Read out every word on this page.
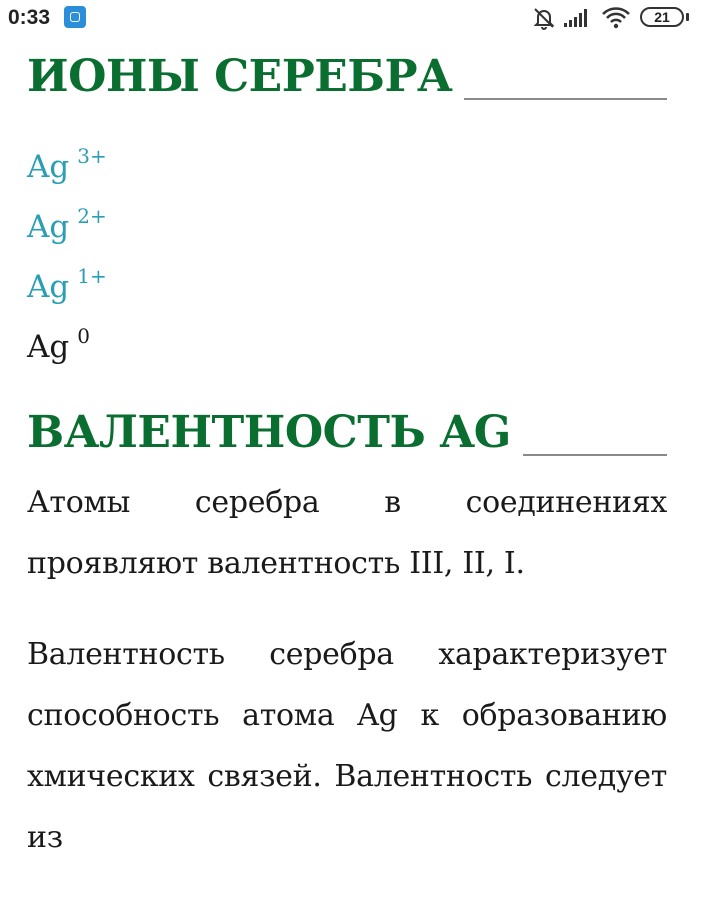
0:33	21
ИОНЫ СЕРЕБРА
Ag $^{3+}$
Ag $^{2+}$
Ag $^{1+}$
Ag $^0$
ВАЛЕНТНОСТЬ AG

Атомы серебра в соединениях проявляют валентность III, II, I.

Валентность серебра характеризует способность атома Ag к образованию хмических связей. Валентность следует из
